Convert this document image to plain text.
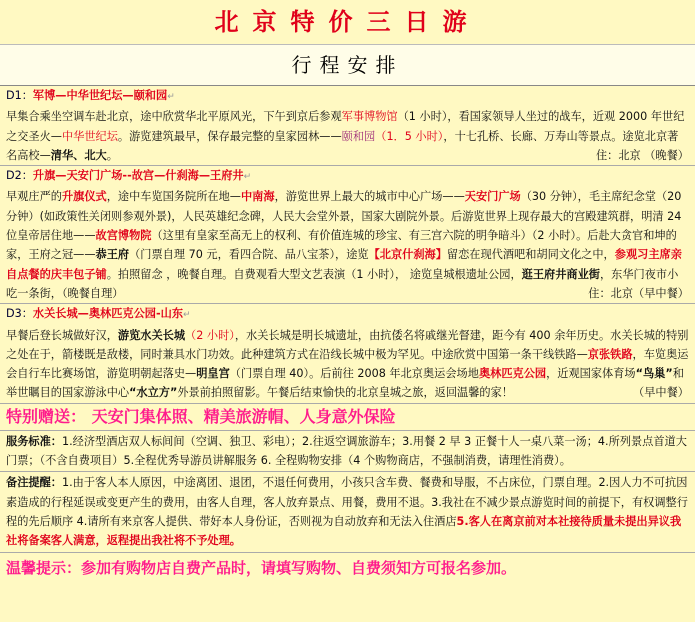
北京特价三日游
行程安排
D1：军博—中华世纪坛—颐和园↵
早集合乘坐空调车赴北京，途中欣赏华北平原风光，下午到京后参观军事博物馆（1 小时），看国家领导人坐过的战车，近观 2000 年世纪之交圣火—中华世纪坛。游览建筑最早，保存最完整的皇家园林——颐和园（1．5 小时），十七孔桥、长廊、万寿山等景点。途览北京著名高校—清华、北大。	住：北京 （晚餐）
D2：升旗—天安门广场--故宫—什刹海—王府井↵
早观庄严的升旗仪式，途中车览国务院所在地—中南海，游览世界上最大的城市中心广场——天安门广场（30 分钟），毛主席纪念堂（20 分钟）(如政策性关闭则参观外景)，人民英雄纪念碑，人民大会堂外景，国家大剧院外景。后游览世界上现存最大的宫殿建筑群，明清 24 位皇帝居住地——故宫博物院（这里有皇家至高无上的权利、有价值连城的珍宝、有三宫六院的明争暗斗）（2 小时）。后赴大贪官和坤的家，王府之冠——恭王府（门票自理 70 元，看四合院、品八宝茶），途览【北京什刹海】留恋在现代酒吧和胡同文化之中，参观习主席亲自点餐的庆丰包子铺。拍照留念 ，晚餐自理。自费观看大型文艺表演（1 小时）， 途览皇城根遗址公园，逛王府井商业街，东华门夜市小吃一条街，（晚餐自理）	住：北京（早中餐）
D3：水关长城—奥林匹克公园-山东↵
早餐后登长城做好汉，游览水关长城（2 小时），水关长城是明长城遗址，由抗倭名将戚继光督建，距今有 400 余年历史。水关长城的特别之处在于，箭楼既是敌楼，同时兼具水门功效。此种建筑方式在沿线长城中极为罕见。中途欣赏中国第一条干线铁路—京张铁路，车览奥运会自行车比赛场馆，游览明朝起落史—明皇宫（门票自理 40）。后前往 2008 年北京奥运会场地奥林匹克公园，近观国家体育场“鸟巢”和举世瞩目的国家游泳中心“水立方”外景前拍照留影。午餐后结束愉快的北京皇城之旅，返回温馨的家！	（早中餐）
特别赠送： 天安门集体照、精美旅游帽、人身意外保险
服务标准：1.经济型酒店双人标间间（空调、独卫、彩电）；2.往返空调旅游车；3.用餐 2 早 3 正餐十人一桌八菜一汤；4.所列景点首道大门票；（不含自费项目）5.全程优秀导游员讲解服务 6. 全程购物安排（4 个购物商店，不强制消费，请理性消费）。
备注提醒：1.由于客人本人原因，中途离团、退团，不退任何费用，小孩只含车费、餐费和导服，不占床位，门票自理。2.因人力不可抗因素造成的行程延误或变更产生的费用，由客人自理，客人放弃景点、用餐，费用不退。3.我社在不减少景点游览时间的前提下，有权调整行程的先后顺序 4.请所有来京客人提供、带好本人身份证，否则视为自动放弃和无法入住酒店5.客人在离京前对本社接待质量未提出异议我社将备案客人满意，返程提出我社将不予处理。
温馨提示：参加有购物店自费产品时，请填写购物、自费须知方可报名参加。
